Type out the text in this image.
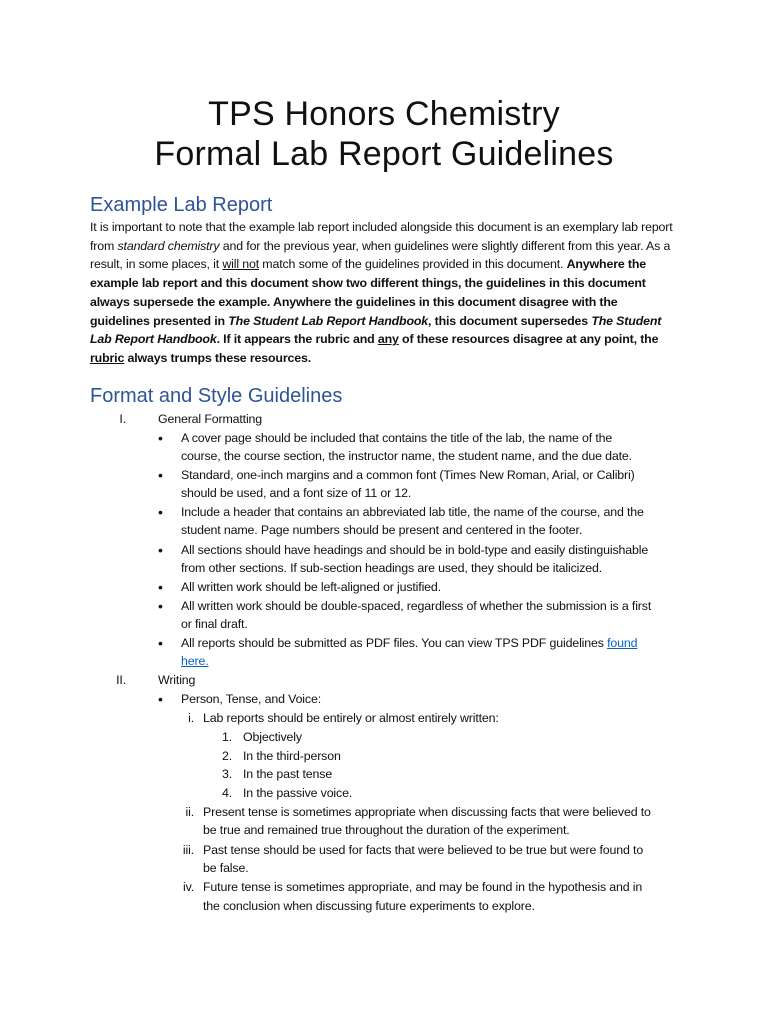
TPS Honors Chemistry
Formal Lab Report Guidelines
Example Lab Report

It is important to note that the example lab report included alongside this document is an exemplary lab report from standard chemistry and for the previous year, when guidelines were slightly different from this year. As a result, in some places, it will not match some of the guidelines provided in this document. Anywhere the example lab report and this document show two different things, the guidelines in this document always supersede the example. Anywhere the guidelines in this document disagree with the guidelines presented in The Student Lab Report Handbook, this document supersedes The Student Lab Report Handbook. If it appears the rubric and any of these resources disagree at any point, the rubric always trumps these resources.

Format and Style Guidelines
I.	General Formatting
• A cover page should be included that contains the title of the lab, the name of the
course, the course section, the instructor name, the student name, and the due date.
• Standard, one-inch margins and a common font (Times New Roman, Arial, or Calibri)
should be used, and a font size of 11 or 12.
• Include a header that contains an abbreviated lab title, the name of the course, and the
student name. Page numbers should be present and centered in the footer.
• All sections should have headings and should be in bold-type and easily distinguishable
from other sections. If sub-section headings are used, they should be italicized.
• All written work should be left-aligned or justified.
• All written work should be double-spaced, regardless of whether the submission is a first
or final draft.
• All reports should be submitted as PDF files. You can view TPS PDF guidelines found
here.
II.	Writing
• Person, Tense, and Voice:
i. Lab reports should be entirely or almost entirely written:
1. Objectively
2. In the third-person
3. In the past tense
4. In the passive voice.
ii. Present tense is sometimes appropriate when discussing facts that were believed to
be true and remained true throughout the duration of the experiment.
iii. Past tense should be used for facts that were believed to be true but were found to
be false.
iv. Future tense is sometimes appropriate, and may be found in the hypothesis and in
the conclusion when discussing future experiments to explore.
